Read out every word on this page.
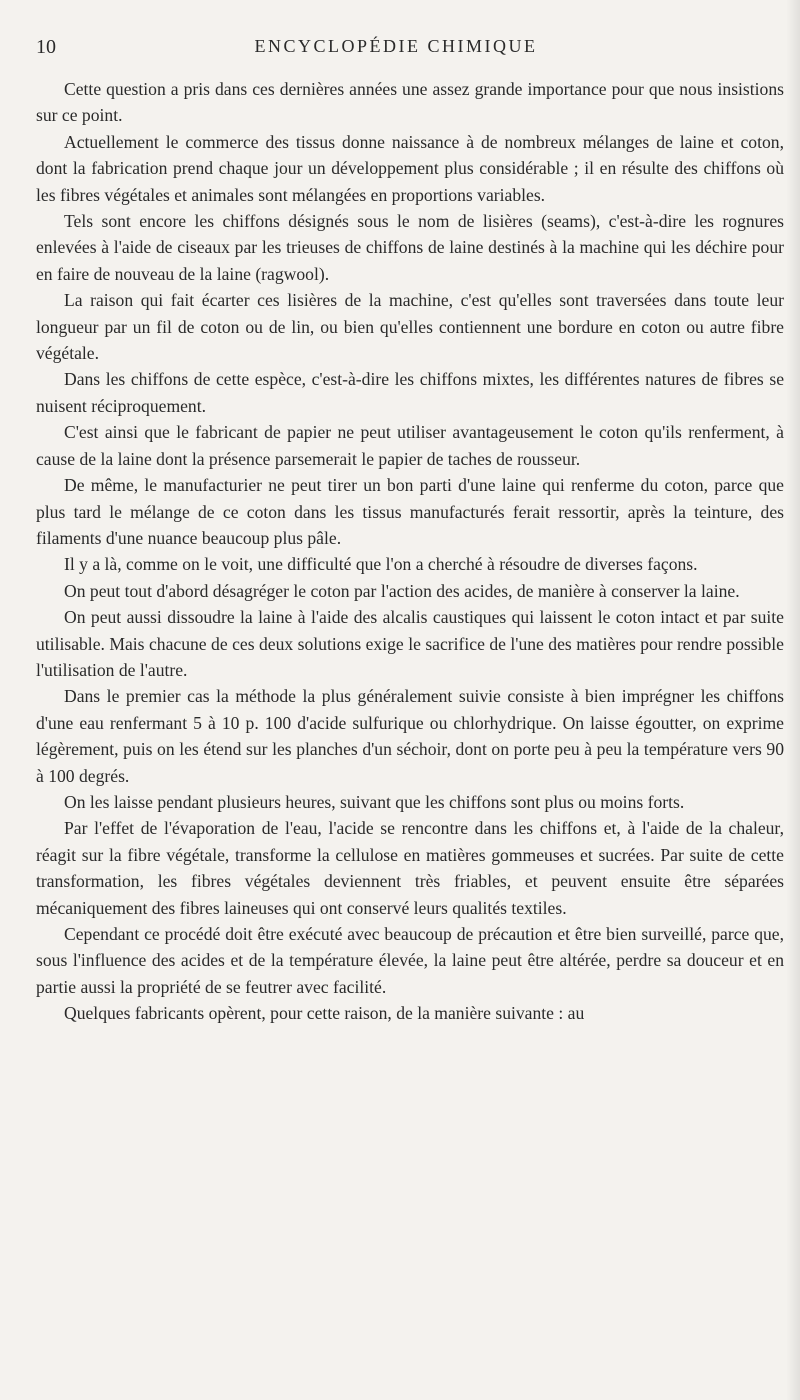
10	ENCYCLOPÉDIE CHIMIQUE

Cette question a pris dans ces dernières années une assez grande importance pour que nous insistions sur ce point.

Actuellement le commerce des tissus donne naissance à de nombreux mélanges de laine et coton, dont la fabrication prend chaque jour un développement plus considérable ; il en résulte des chiffons où les fibres végétales et animales sont mélangées en proportions variables.

Tels sont encore les chiffons désignés sous le nom de lisières (seams), c'est-à-dire les rognures enlevées à l'aide de ciseaux par les trieuses de chiffons de laine destinés à la machine qui les déchire pour en faire de nouveau de la laine (ragwool).

La raison qui fait écarter ces lisières de la machine, c'est qu'elles sont traversées dans toute leur longueur par un fil de coton ou de lin, ou bien qu'elles contiennent une bordure en coton ou autre fibre végétale.

Dans les chiffons de cette espèce, c'est-à-dire les chiffons mixtes, les différentes natures de fibres se nuisent réciproquement.

C'est ainsi que le fabricant de papier ne peut utiliser avantageusement le coton qu'ils renferment, à cause de la laine dont la présence parsemerait le papier de taches de rousseur.

De même, le manufacturier ne peut tirer un bon parti d'une laine qui renferme du coton, parce que plus tard le mélange de ce coton dans les tissus manufacturés ferait ressortir, après la teinture, des filaments d'une nuance beaucoup plus pâle.

Il y a là, comme on le voit, une difficulté que l'on a cherché à résoudre de diverses façons.

On peut tout d'abord désagréger le coton par l'action des acides, de manière à conserver la laine.

On peut aussi dissoudre la laine à l'aide des alcalis caustiques qui laissent le coton intact et par suite utilisable. Mais chacune de ces deux solutions exige le sacrifice de l'une des matières pour rendre possible l'utilisation de l'autre.

Dans le premier cas la méthode la plus généralement suivie consiste à bien imprégner les chiffons d'une eau renfermant 5 à 10 p. 100 d'acide sulfurique ou chlorhydrique. On laisse égoutter, on exprime légèrement, puis on les étend sur les planches d'un séchoir, dont on porte peu à peu la température vers 90 à 100 degrés.

On les laisse pendant plusieurs heures, suivant que les chiffons sont plus ou moins forts.

Par l'effet de l'évaporation de l'eau, l'acide se rencontre dans les chiffons et, à l'aide de la chaleur, réagit sur la fibre végétale, transforme la cellulose en matières gommeuses et sucrées. Par suite de cette transformation, les fibres végétales deviennent très friables, et peuvent ensuite être séparées mécaniquement des fibres laineuses qui ont conservé leurs qualités textiles.

Cependant ce procédé doit être exécuté avec beaucoup de précaution et être bien surveillé, parce que, sous l'influence des acides et de la température élevée, la laine peut être altérée, perdre sa douceur et en partie aussi la propriété de se feutrer avec facilité.

Quelques fabricants opèrent, pour cette raison, de la manière suivante : au
